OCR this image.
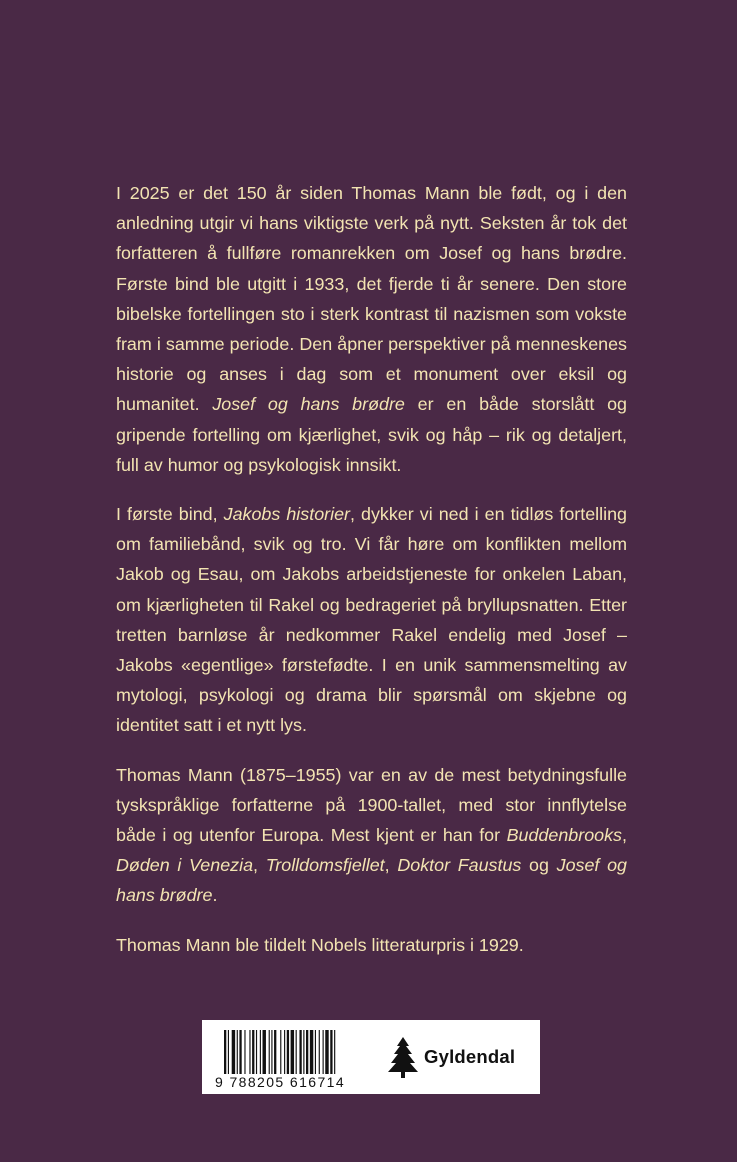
I 2025 er det 150 år siden Thomas Mann ble født, og i den anledning utgir vi hans viktigste verk på nytt. Seksten år tok det forfatteren å fullføre romanrekken om Josef og hans brødre. Første bind ble utgitt i 1933, det fjerde ti år senere. Den store bibelske fortellingen sto i sterk kontrast til nazismen som vokste fram i samme periode. Den åpner perspektiver på menneskenes historie og anses i dag som et monument over eksil og humanitet. Josef og hans brødre er en både storslått og gripende fortelling om kjærlighet, svik og håp – rik og detaljert, full av humor og psykologisk innsikt.

I første bind, Jakobs historier, dykker vi ned i en tidløs fortelling om familiebånd, svik og tro. Vi får høre om konflikten mellom Jakob og Esau, om Jakobs arbeidstjeneste for onkelen Laban, om kjærligheten til Rakel og bedrageriet på bryllupsnatten. Etter tretten barnløse år nedkommer Rakel endelig med Josef – Jakobs «egentlige» førstefødte. I en unik sammensmelting av mytologi, psykologi og drama blir spørsmål om skjebne og identitet satt i et nytt lys.

Thomas Mann (1875–1955) var en av de mest betydningsfulle tyskspråklige forfatterne på 1900-tallet, med stor innflytelse både i og utenfor Europa. Mest kjent er han for Buddenbrooks, Døden i Venezia, Trolldomsfjellet, Doktor Faustus og Josef og hans brødre.

Thomas Mann ble tildelt Nobels litteraturpris i 1929.

9 788205 616714
Gyldendal
